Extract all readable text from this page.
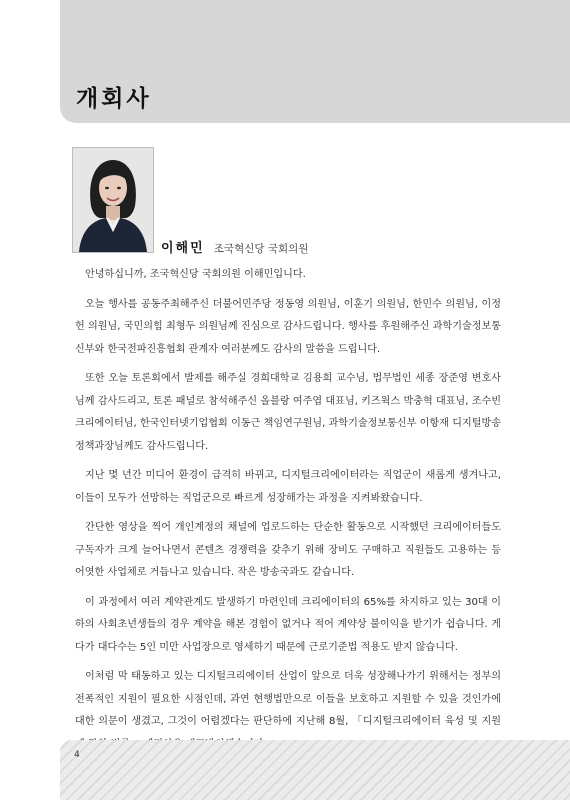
개회사
이해민 조국혁신당 국회의원

안녕하십니까, 조국혁신당 국회의원 이해민입니다.

오늘 행사를 공동주최해주신 더불어민주당 정동영 의원님, 이훈기 의원님, 한민수 의원님, 이정헌 의원님, 국민의힘 최형두 의원님께 진심으로 감사드립니다. 행사를 후원해주신 과학기술정보통신부와 한국전파진흥협회 관계자 여러분께도 감사의 말씀을 드립니다.

또한 오늘 토론회에서 발제를 해주실 경희대학교 김용희 교수님, 법무법인 세종 장준영 변호사님께 감사드리고, 토론 패널로 참석해주신 올블랑 여주엽 대표님, 키즈웍스 박충혁 대표님, 조수빈 크리에이터님, 한국인터넷기업협회 이동근 책임연구원님, 과학기술정보통신부 이항재 디지털방송정책과장님께도 감사드립니다.

지난 몇 년간 미디어 환경이 급격히 바뀌고, 디지털크리에이터라는 직업군이 새롭게 생겨나고, 이들이 모두가 선망하는 직업군으로 빠르게 성장해가는 과정을 지켜봐왔습니다.

간단한 영상을 찍어 개인계정의 채널에 업로드하는 단순한 활동으로 시작했던 크리에이터들도 구독자가 크게 늘어나면서 콘텐츠 경쟁력을 갖추기 위해 장비도 구매하고 직원들도 고용하는 등 어엿한 사업체로 거듭나고 있습니다. 작은 방송국과도 같습니다.

이 과정에서 여러 계약관계도 발생하기 마련인데 크리에이터의 65%를 차지하고 있는 30대 이하의 사회초년생들의 경우 계약을 해본 경험이 없거나 적어 계약상 불이익을 받기가 쉽습니다. 게다가 대다수는 5인 미만 사업장으로 영세하기 때문에 근로기준법 적용도 받지 않습니다.

이처럼 막 태동하고 있는 디지털크리에이터 산업이 앞으로 더욱 성장해나가기 위해서는 정부의 전폭적인 지원이 필요한 시점인데, 과연 현행법만으로 이들을 보호하고 지원할 수 있을 것인가에 대한 의문이 생겼고, 그것이 어렵겠다는 판단하에 지난해 8월, 「디지털크리에이터 육성 및 지원

4
